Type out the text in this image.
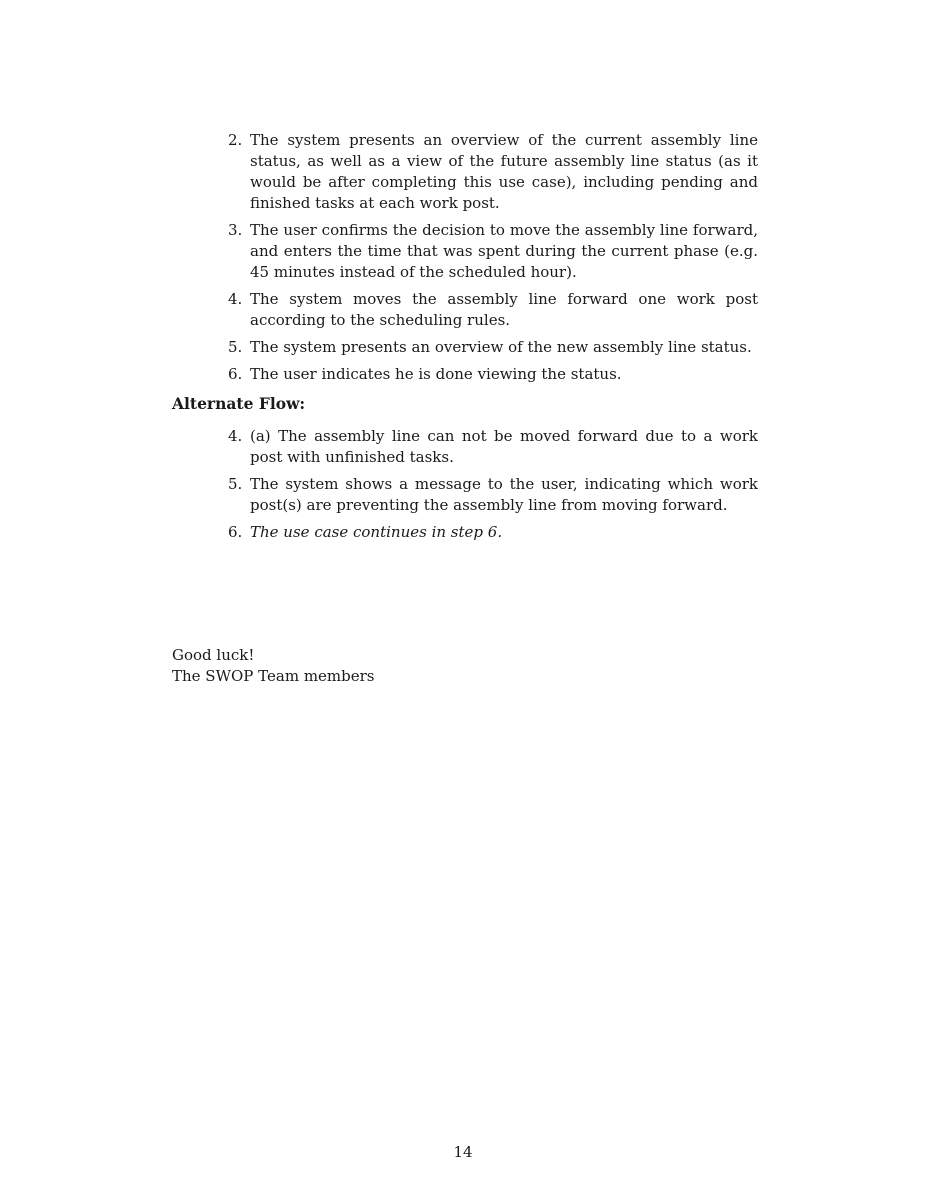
2. The system presents an overview of the current assembly line status, as well as a view of the future assembly line status (as it would be after completing this use case), including pending and finished tasks at each work post.
3. The user confirms the decision to move the assembly line forward, and enters the time that was spent during the current phase (e.g. 45 minutes instead of the scheduled hour).
4. The system moves the assembly line forward one work post according to the scheduling rules.
5. The system presents an overview of the new assembly line status.
6. The user indicates he is done viewing the status.
Alternate Flow:
4. (a) The assembly line can not be moved forward due to a work post with unfinished tasks.
5. The system shows a message to the user, indicating which work post(s) are preventing the assembly line from moving forward.
6. The use case continues in step 6.
Good luck!
The SWOP Team members
14
